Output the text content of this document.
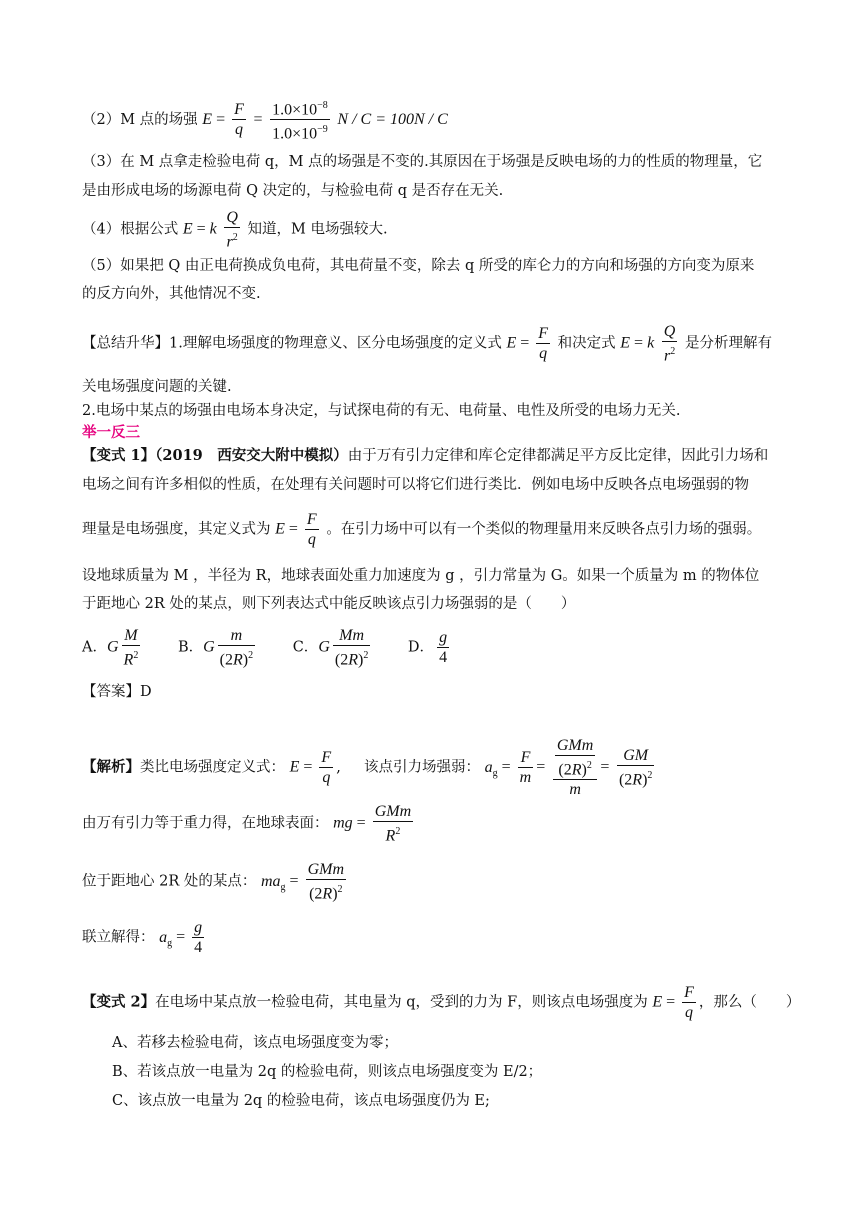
（2）M 点的场强 $E = \frac{F}{q} = \frac{1.0\times 10^{-8}}{1.0\times 10^{-9}}$ N / C = 100N / C
（3）在 M 点拿走检验电荷 q，M 点的场强是不变的.其原因在于场强是反映电场的力的性质的物理量，它
是由形成电场的场源电荷 Q 决定的，与检验电荷 q 是否存在无关.
（4）根据公式 E = k $\frac{Q}{r^2}$ 知道，M 电场强较大.
（5）如果把 Q 由正电荷换成负电荷，其电荷量不变，除去 q 所受的库仑力的方向和场强的方向变为原来
的反方向外，其他情况不变.
【总结升华】1.理解电场强度的物理意义、区分电场强度的定义式 $E = \frac{F}{q}$ 和决定式 E = k $\frac{Q}{r^2}$ 是分析理解有
关电场强度问题的关键.
2.电场中某点的场强由电场本身决定，与试探电荷的有无、电荷量、电性及所受的电场力无关.
举一反三
【变式 1】（2019　西安交大附中模拟）由于万有引力定律和库仑定律都满足平方反比定律，因此引力场和
电场之间有许多相似的性质，在处理有关问题时可以将它们进行类比．例如电场中反映各点电场强弱的物
理量是电场强度，其定义式为 $E = \frac{F}{q}$ 。在引力场中可以有一个类似的物理量用来反映各点引力场的强弱。
设地球质量为 M ，半径为 R，地球表面处重力加速度为 g ，引力常量为 G。如果一个质量为 m 的物体位
于距地心 2R 处的某点，则下列表达式中能反映该点引力场强弱的是（　　）
A．G $\frac{M}{R^2}$	B．G $\frac{m}{(2R)^2}$	C．G $\frac{Mm}{(2R)^2}$	D． $\frac{g}{4}$
【答案】D
【解析】类比电场强度定义式： $E = \frac{F}{q}$ , 该点引力场强弱： $a_g = \frac{F}{m} = \frac{\frac{\text{GMm}}{(2R)^2}}{m} = \frac{GM}{(2R)^2}$
由万有引力等于重力得，在地球表面： mg = $\frac{\text{GMm}}{R^2}$
位于距地心 2R 处的某点： $ma_g = \frac{\text{GMm}}{(2R)^2}$
联立解得： $a_g = \frac{g}{4}$
【变式 2】在电场中某点放一检验电荷，其电量为 q，受到的力为 F，则该点电场强度为 $E = \frac{F}{q}$ ，那么（　　）
A、若移去检验电荷，该点电场强度变为零；
B、若该点放一电量为 2q 的检验电荷，则该点电场强度变为 E/2；
C、该点放一电量为 2q 的检验电荷，该点电场强度仍为 E;
